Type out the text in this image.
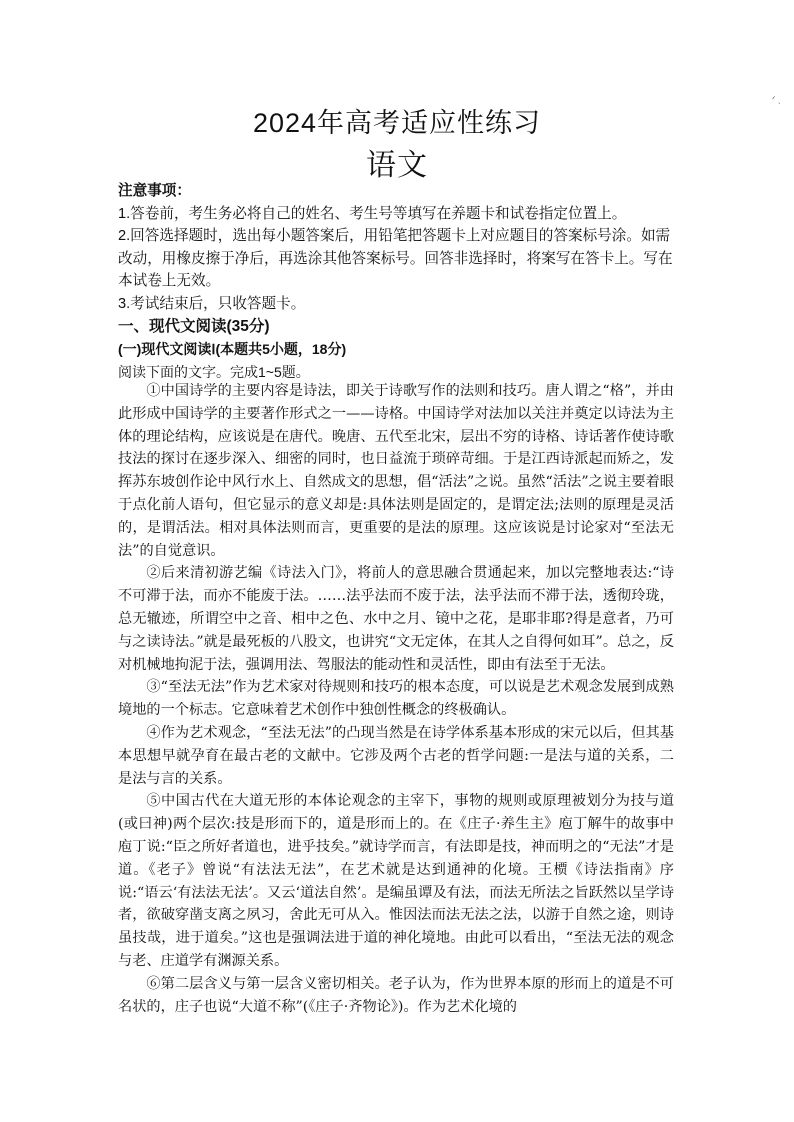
ᐟ ˎ
2024年高考适应性练习
语文

注意事项：

1.答卷前，考生务必将自己的姓名、考生号等填写在养题卡和试卷指定位置上。

2.回答选择题时，选出每小题答案后，用铅笔把答题卡上对应题目的答案标号涂。如需改动，用橡皮擦于净后，再选涂其他答案标号。回答非选择时，将案写在答卡上。写在本试卷上无效。

3.考试结束后，只收答题卡。

一、现代文阅读(35分)

(一)现代文阅读Ⅰ(本题共5小题，18分)

阅读下面的文字。完成1~5题。

①中国诗学的主要内容是诗法，即关于诗歌写作的法则和技巧。唐人谓之“格”，并由此形成中国诗学的主要著作形式之一——诗格。中国诗学对法加以关注并奠定以诗法为主体的理论结构，应该说是在唐代。晚唐、五代至北宋，层出不穷的诗格、诗话著作使诗歌技法的探讨在逐步深入、细密的同时，也日益流于琐碎苛细。于是江西诗派起而矫之，发挥苏东坡创作论中风行水上、自然成文的思想，倡“活法”之说。虽然“活法”之说主要着眼于点化前人语句，但它显示的意义却是:具体法则是固定的，是谓定法;法则的原理是灵活的，是谓活法。相对具体法则而言，更重要的是法的原理。这应该说是讨论家对“至法无法”的自觉意识。

②后来清初游艺编《诗法入门》，将前人的意思融合贯通起来，加以完整地表达:“诗不可滞于法，而亦不能废于法。……法乎法而不废于法，法乎法而不滞于法，透彻玲珑，总无辙迹，所谓空中之音、相中之色、水中之月、镜中之花，是耶非耶?得是意者，乃可与之读诗法。”就是最死板的八股文，也讲究“文无定体，在其人之自得何如耳”。总之，反对机械地拘泥于法，强调用法、驾服法的能动性和灵活性，即由有法至于无法。

③“至法无法”作为艺术家对待规则和技巧的根本态度，可以说是艺术观念发展到成熟境地的一个标志。它意味着艺术创作中独创性概念的终极确认。

④作为艺术观念，“至法无法”的凸现当然是在诗学体系基本形成的宋元以后，但其基本思想早就孕育在最古老的文献中。它涉及两个古老的哲学问题:一是法与道的关系，二是法与言的关系。

⑤中国古代在大道无形的本体论观念的主宰下，事物的规则或原理被划分为技与道(或曰神)两个层次:技是形而下的，道是形而上的。在《庄子·养生主》庖丁解牛的故事中庖丁说:“臣之所好者道也，进乎技矣。”就诗学而言，有法即是技，神而明之的“无法”才是道。《老子》曾说“有法法无法”，在艺术就是达到通神的化境。王槚《诗法指南》序说:“语云‘有法法无法’。又云‘道法自然’。是编虽谭及有法，而法无所法之旨跃然以呈学诗者，欲破穿凿支离之夙习，舍此无可从入。惟因法而法无法之法，以游于自然之途，则诗虽技哉，进于道矣。”这也是强调法进于道的神化境地。由此可以看出，“至法无法的观念与老、庄道学有渊源关系。

⑥第二层含义与第一层含义密切相关。老子认为，作为世界本原的形而上的道是不可名状的，庄子也说“大道不称”(《庄子·齐物论》)。作为艺术化境的
